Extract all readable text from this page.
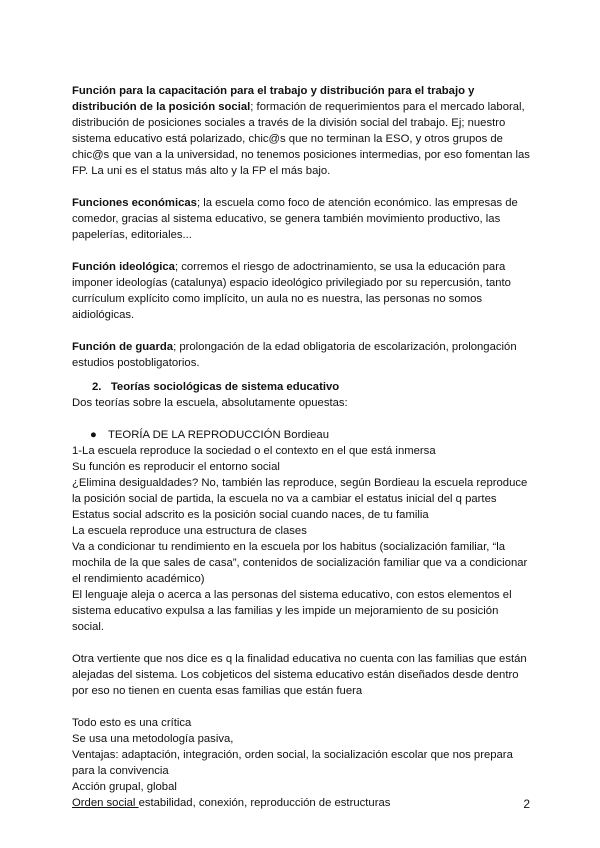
Función para la capacitación para el trabajo y distribución para el trabajo y distribución de la posición social; formación de requerimientos para el mercado laboral, distribución de posiciones sociales a través de la división social del trabajo. Ej; nuestro sistema educativo está polarizado, chic@s que no terminan la ESO, y otros grupos de chic@s que van a la universidad, no tenemos posiciones intermedias, por eso fomentan las FP. La uni es el status más alto y la FP el más bajo.

Funciones económicas; la escuela como foco de atención económico. las empresas de comedor, gracias al sistema educativo, se genera también movimiento productivo, las papelerías, editoriales...

Función ideológica; corremos el riesgo de adoctrinamiento, se usa la educación para imponer ideologías (catalunya) espacio ideológico privilegiado por su repercusión, tanto currículum explícito como implícito, un aula no es nuestra, las personas no somos aidiológicas.

Función de guarda; prolongación de la edad obligatoria de escolarización, prolongación estudios postobligatorios.

2. Teorías sociológicas de sistema educativo

Dos teorías sobre la escuela, absolutamente opuestas:

● TEORÍA DE LA REPRODUCCIÓN Bordieau

1-La escuela reproduce la sociedad o el contexto en el que está inmersa

Su función es reproducir el entorno social

¿Elimina desigualdades? No, también las reproduce, según Bordieau la escuela reproduce la posición social de partida, la escuela no va a cambiar el estatus inicial del q partes

Estatus social adscrito es la posición social cuando naces, de tu familia

La escuela reproduce una estructura de clases

Va a condicionar tu rendimiento en la escuela por los habitus (socialización familiar, “la mochila de la que sales de casa”, contenidos de socialización familiar que va a condicionar el rendimiento académico)

El lenguaje aleja o acerca a las personas del sistema educativo, con estos elementos el sistema educativo expulsa a las familias y les impide un mejoramiento de su posición social.

Otra vertiente que nos dice es q la finalidad educativa no cuenta con las familias que están alejadas del sistema. Los cobjeticos del sistema educativo están diseñados desde dentro por eso no tienen en cuenta esas familias que están fuera

Todo esto es una crítica

Se usa una metodología pasiva,

Ventajas: adaptación, integración, orden social, la socialización escolar que nos prepara para la convivencia

Acción grupal, global

Orden social estabilidad, conexión, reproducción de estructuras	2
